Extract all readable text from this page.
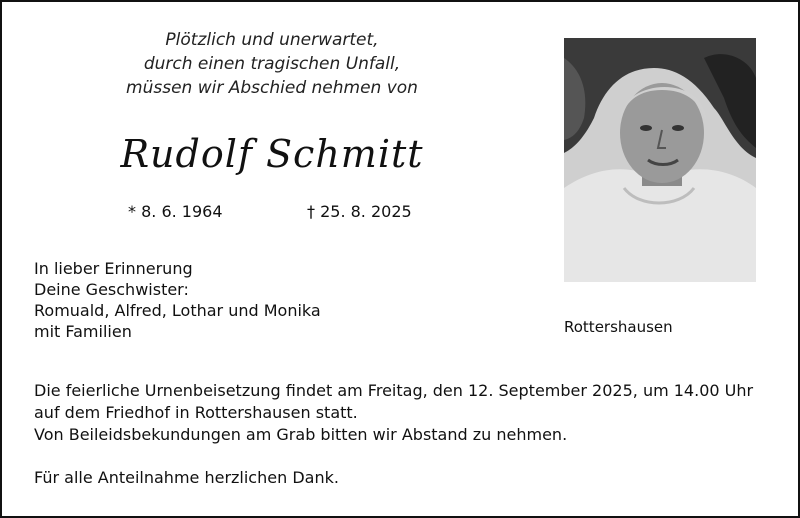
Plötzlich und unerwartet,
durch einen tragischen Unfall,
müssen wir Abschied nehmen von
Rudolf Schmitt
* 8. 6. 1964	† 25. 8. 2025
In lieber Erinnerung
Deine Geschwister:
Romuald, Alfred, Lothar und Monika
mit Familien	Rottershausen
Die feierliche Urnenbeisetzung findet am Freitag, den 12. September 2025, um 14.00 Uhr
auf dem Friedhof in Rottershausen statt.
Von Beileidsbekundungen am Grab bitten wir Abstand zu nehmen.
Für alle Anteilnahme herzlichen Dank.
